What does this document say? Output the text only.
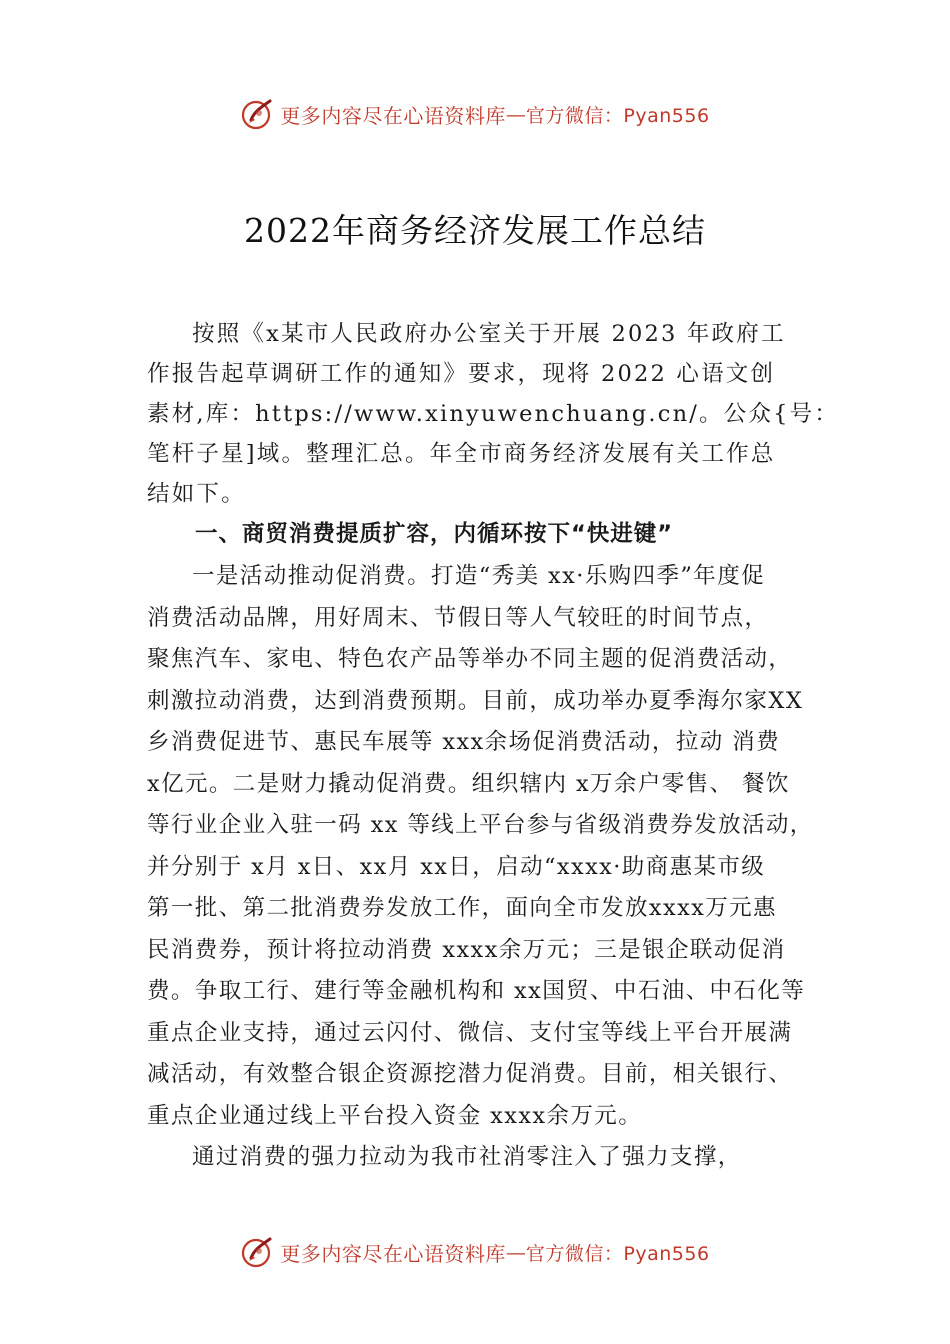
更多内容尽在心语资料库 — 官方微信：Pyan556
2022年商务经济发展工作总结

按照《x某市人民政府办公室关于开展 2023 年政府工
作报告起草调研工作的通知》要求，现将 2022 心语文创
素材,库：https://www.xinyuwenchuang.cn/。公众{号：
笔杆子星]域。整理汇总。年全市商务经济发展有关工作总
结如下。

一、商贸消费提质扩容，内循环按下“快进键”

一是活动推动促消费。打造“秀美 xx·乐购四季”年度促
消费活动品牌，用好周末、节假日等人气较旺的时间节点，
聚焦汽车、家电、特色农产品等举办不同主题的促消费活动，
刺激拉动消费，达到消费预期。目前，成功举办夏季海尔家XX
乡消费促进节、惠民车展等 xxx余场促消费活动，拉动 消费
x亿元。二是财力撬动促消费。组织辖内 x万余户零售、 餐饮
等行业企业入驻一码 xx 等线上平台参与省级消费券发放活动，
并分别于 x月 x日、xx月 xx日，启动“xxxx·助商惠某市级
第一批、第二批消费券发放工作，面向全市发放xxxx万元惠
民消费券，预计将拉动消费 xxxx余万元；三是银企联动促消
费。争取工行、建行等金融机构和 xx国贸、中石油、中石化等
重点企业支持，通过云闪付、微信、支付宝等线上平台开展满
减活动，有效整合银企资源挖潜力促消费。目前，相关银行、
重点企业通过线上平台投入资金 xxxx余万元。

通过消费的强力拉动为我市社消零注入了强力支撑，

更多内容尽在心语资料库 — 官方微信：Pyan556
